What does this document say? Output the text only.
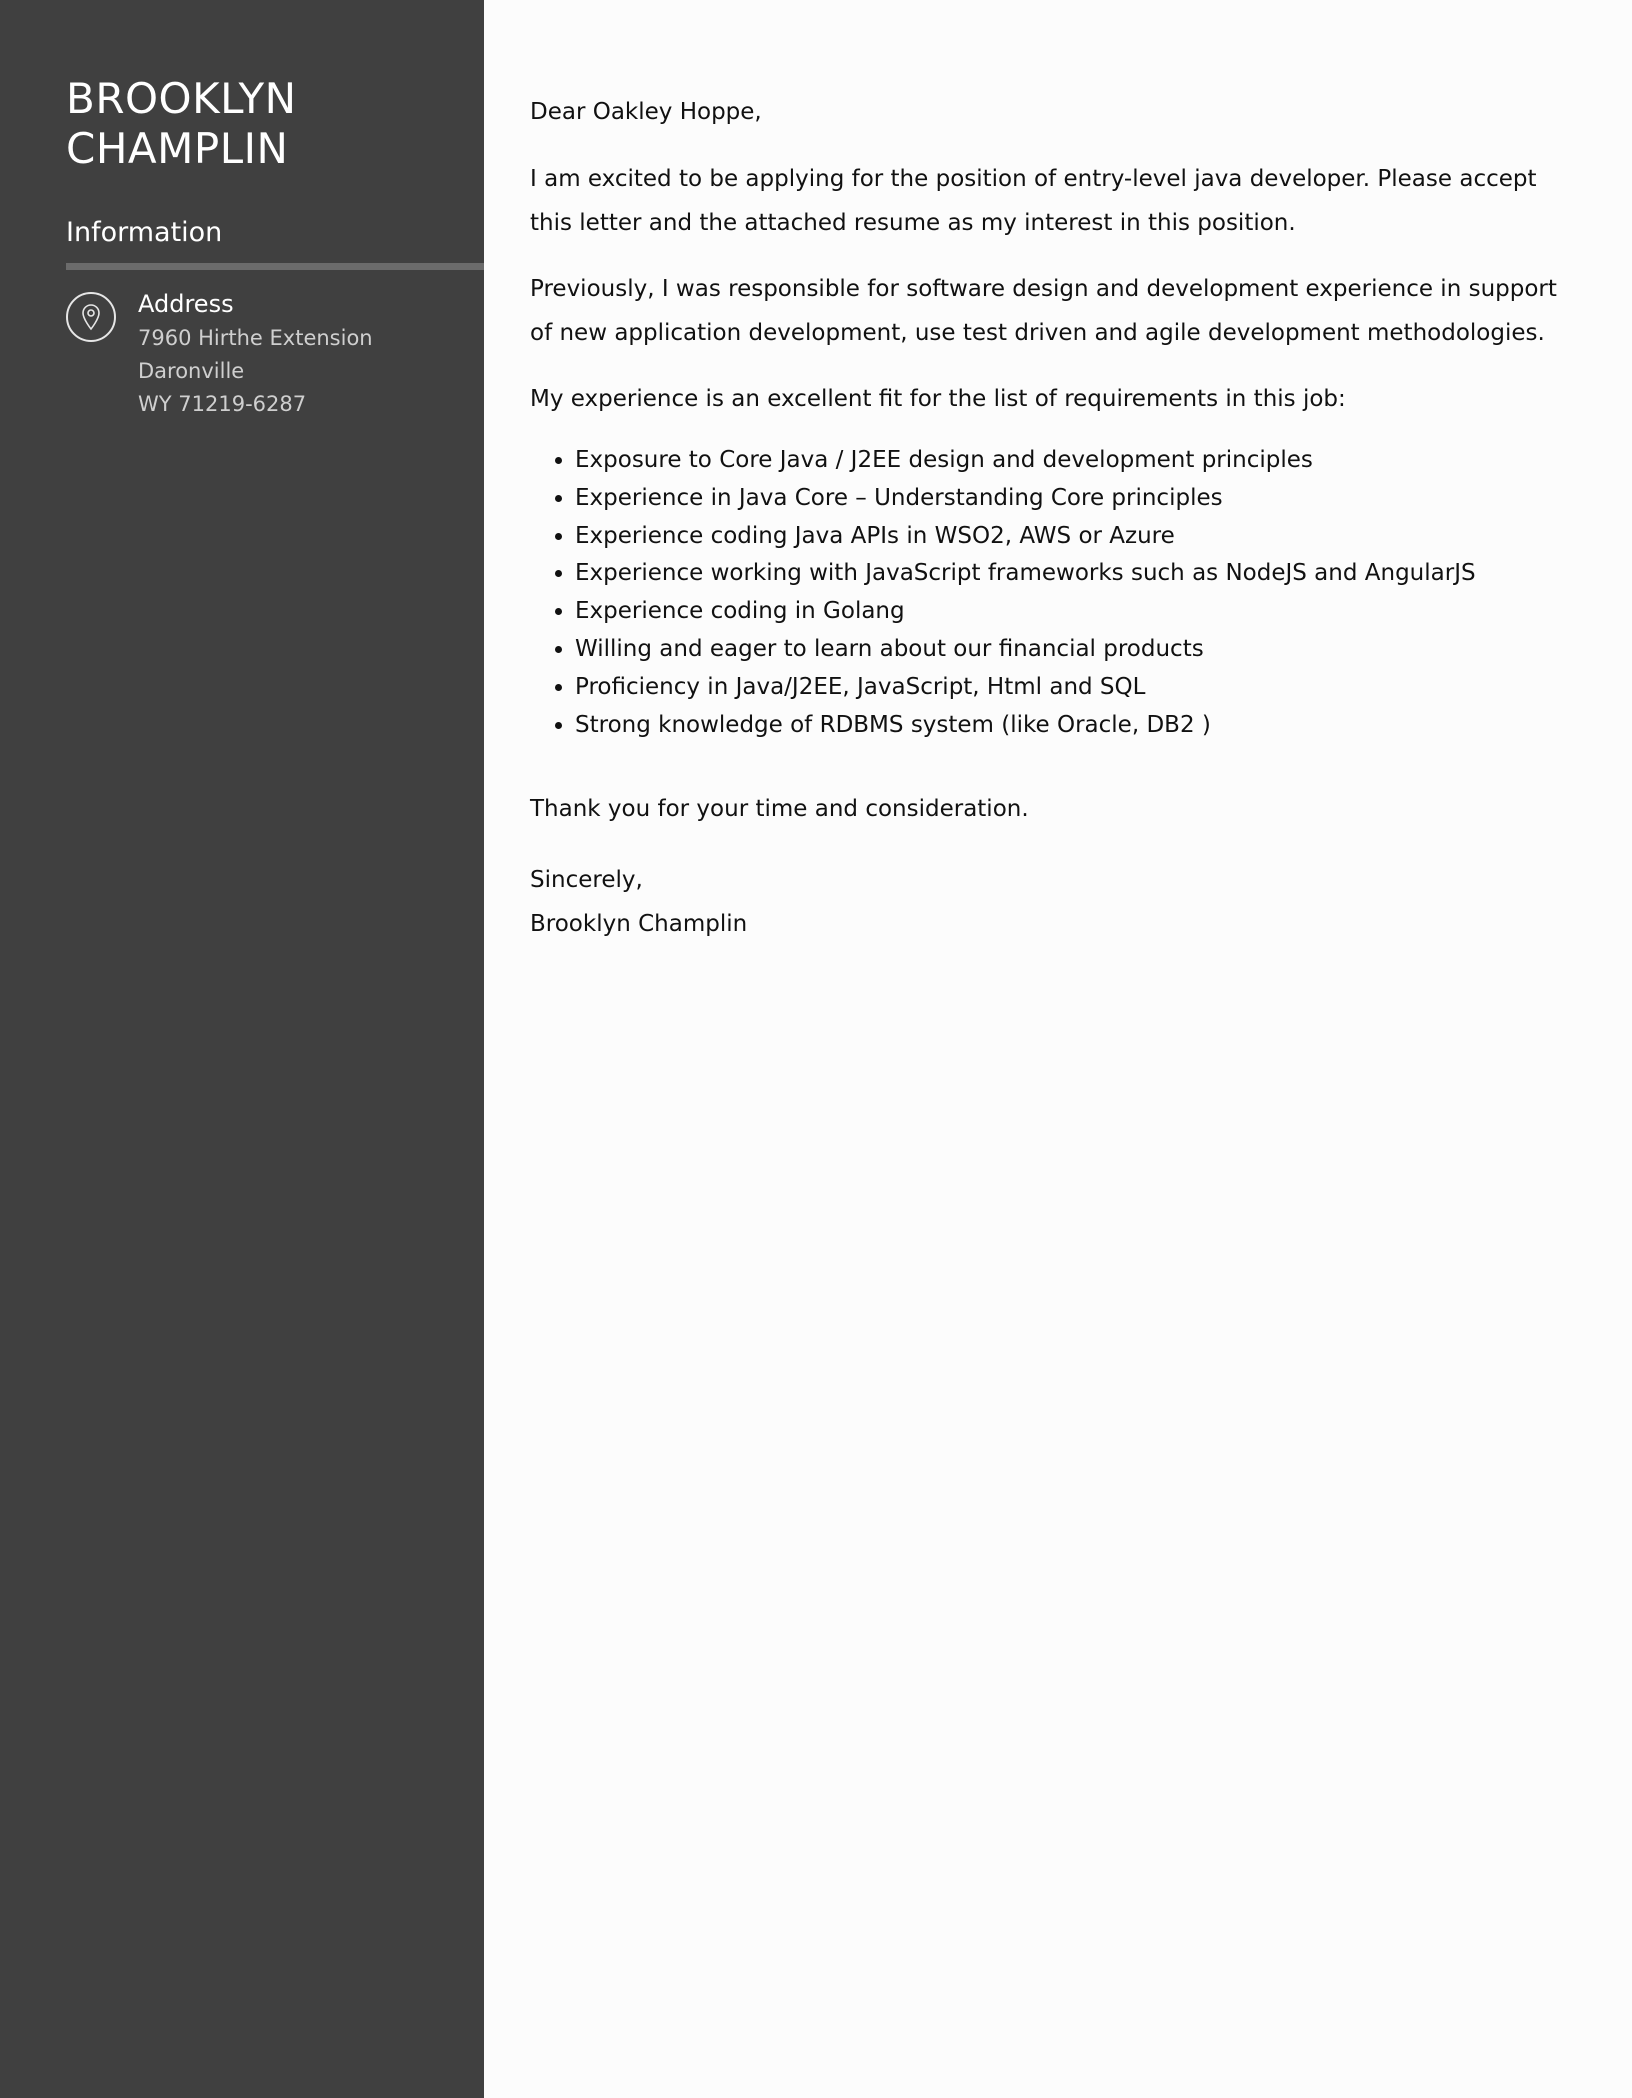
BROOKLYN
CHAMPLIN
Information
Address
7960 Hirthe Extension
Daronville
WY 71219-6287

Dear Oakley Hoppe,

I am excited to be applying for the position of entry-level java developer. Please accept this letter and the attached resume as my interest in this position.

Previously, I was responsible for software design and development experience in support of new application development, use test driven and agile development methodologies.

My experience is an excellent fit for the list of requirements in this job:

• Exposure to Core Java / J2EE design and development principles
• Experience in Java Core – Understanding Core principles
• Experience coding Java APIs in WSO2, AWS or Azure
• Experience working with JavaScript frameworks such as NodeJS and AngularJS
• Experience coding in Golang
• Willing and eager to learn about our financial products
• Proficiency in Java/J2EE, JavaScript, Html and SQL
• Strong knowledge of RDBMS system (like Oracle, DB2 )

Thank you for your time and consideration.

Sincerely,
Brooklyn Champlin
